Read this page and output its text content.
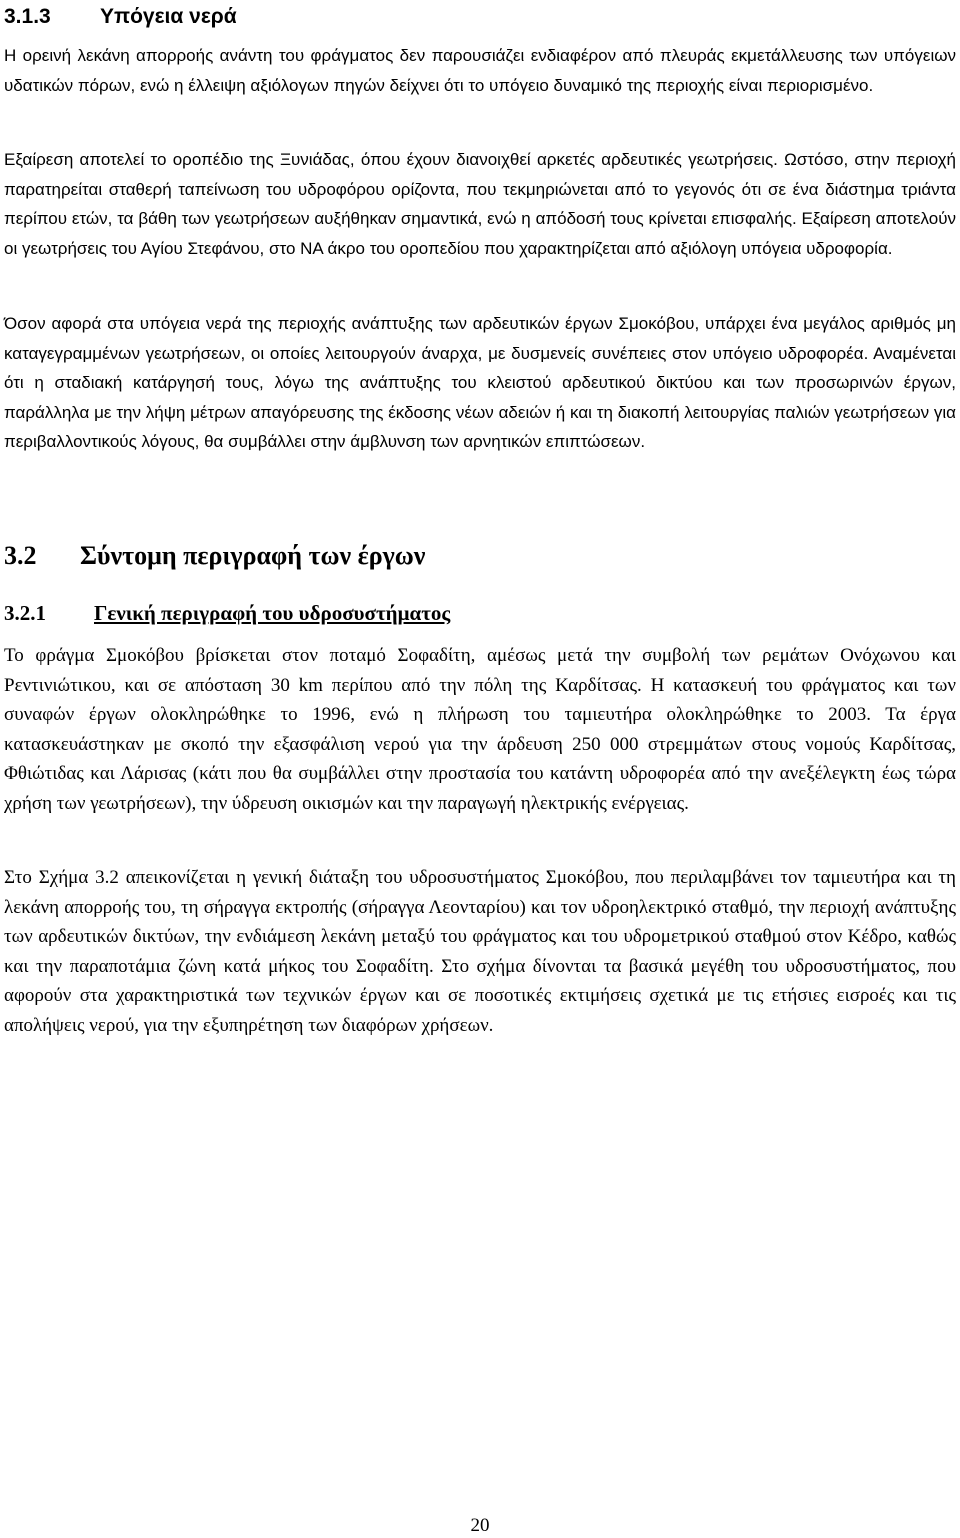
3.1.3 Υπόγεια νερά

Η ορεινή λεκάνη απορροής ανάντη του φράγματος δεν παρουσιάζει ενδιαφέρον από πλευράς εκμετάλλευσης των υπόγειων υδατικών πόρων, ενώ η έλλειψη αξιόλογων πηγών δείχνει ότι το υπόγειο δυναμικό της περιοχής είναι περιορισμένο.

Εξαίρεση αποτελεί το οροπέδιο της Ξυνιάδας, όπου έχουν διανοιχθεί αρκετές αρδευτικές γεωτρήσεις. Ωστόσο, στην περιοχή παρατηρείται σταθερή ταπείνωση του υδροφόρου ορίζοντα, που τεκμηριώνεται από το γεγονός ότι σε ένα διάστημα τριάντα περίπου ετών, τα βάθη των γεωτρήσεων αυξήθηκαν σημαντικά, ενώ η απόδοσή τους κρίνεται επισφαλής. Εξαίρεση αποτελούν οι γεωτρήσεις του Αγίου Στεφάνου, στο ΝΑ άκρο του οροπεδίου που χαρακτηρίζεται από αξιόλογη υπόγεια υδροφορία.

Όσον αφορά στα υπόγεια νερά της περιοχής ανάπτυξης των αρδευτικών έργων Σμοκόβου, υπάρχει ένα μεγάλος αριθμός μη καταγεγραμμένων γεωτρήσεων, οι οποίες λειτουργούν άναρχα, με δυσμενείς συνέπειες στον υπόγειο υδροφορέα. Αναμένεται ότι η σταδιακή κατάργησή τους, λόγω της ανάπτυξης του κλειστού αρδευτικού δικτύου και των προσωρινών έργων, παράλληλα με την λήψη μέτρων απαγόρευσης της έκδοσης νέων αδειών ή και τη διακοπή λειτουργίας παλιών γεωτρήσεων για περιβαλλοντικούς λόγους, θα συμβάλλει στην άμβλυνση των αρνητικών επιπτώσεων.

3.2 Σύντομη περιγραφή των έργων
3.2.1 Γενική περιγραφή του υδροσυστήματος

Το φράγμα Σμοκόβου βρίσκεται στον ποταμό Σοφαδίτη, αμέσως μετά την συμβολή των ρεμάτων Ονόχωνου και Ρεντινιώτικου, και σε απόσταση 30 km περίπου από την πόλη της Καρδίτσας. Η κατασκευή του φράγματος και των συναφών έργων ολοκληρώθηκε το 1996, ενώ η πλήρωση του ταμιευτήρα ολοκληρώθηκε το 2003. Τα έργα κατασκευάστηκαν με σκοπό την εξασφάλιση νερού για την άρδευση 250 000 στρεμμάτων στους νομούς Καρδίτσας, Φθιώτιδας και Λάρισας (κάτι που θα συμβάλλει στην προστασία του κατάντη υδροφορέα από την ανεξέλεγκτη έως τώρα χρήση των γεωτρήσεων), την ύδρευση οικισμών και την παραγωγή ηλεκτρικής ενέργειας.

Στο Σχήμα 3.2 απεικονίζεται η γενική διάταξη του υδροσυστήματος Σμοκόβου, που περιλαμβάνει τον ταμιευτήρα και τη λεκάνη απορροής του, τη σήραγγα εκτροπής (σήραγγα Λεονταρίου) και τον υδροηλεκτρικό σταθμό, την περιοχή ανάπτυξης των αρδευτικών δικτύων, την ενδιάμεση λεκάνη μεταξύ του φράγματος και του υδρομετρικού σταθμού στον Κέδρο, καθώς και την παραποτάμια ζώνη κατά μήκος του Σοφαδίτη. Στο σχήμα δίνονται τα βασικά μεγέθη του υδροσυστήματος, που αφορούν στα χαρακτηριστικά των τεχνικών έργων και σε ποσοτικές εκτιμήσεις σχετικά με τις ετήσιες εισροές και τις απολήψεις νερού, για την εξυπηρέτηση των διαφόρων χρήσεων.

20
